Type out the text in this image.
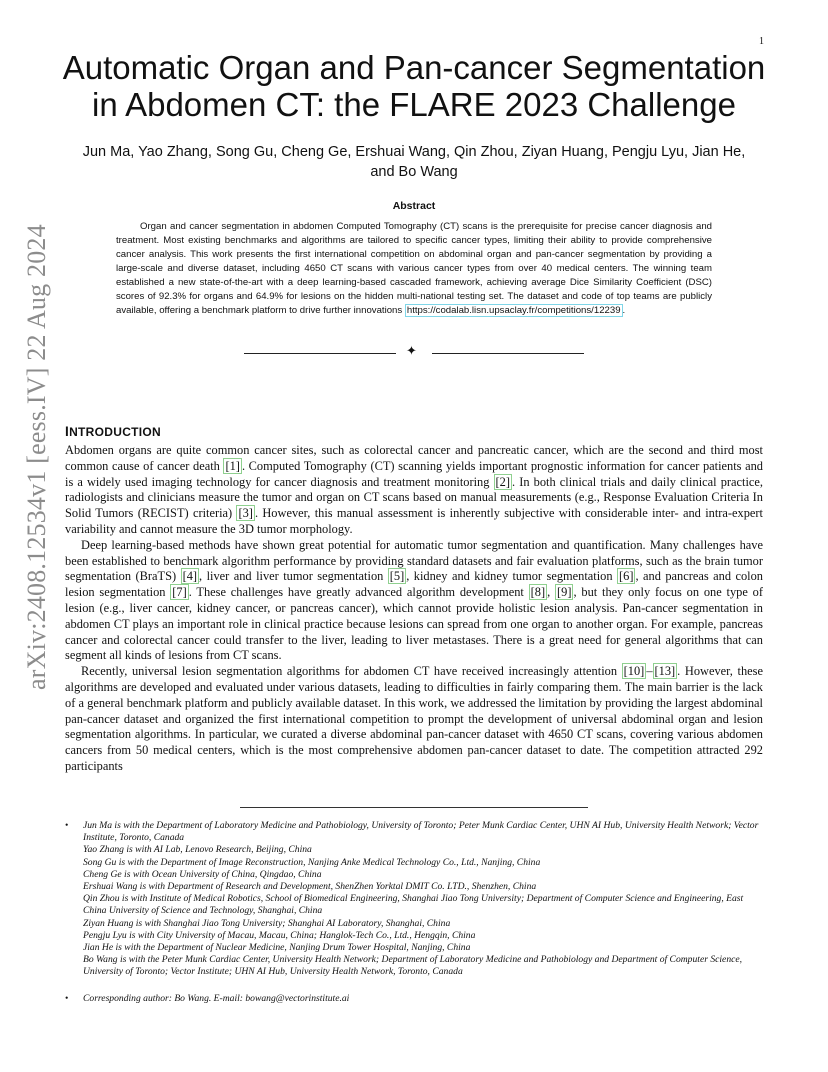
1
Automatic Organ and Pan-cancer Segmentation
in Abdomen CT: the FLARE 2023 Challenge
Jun Ma, Yao Zhang, Song Gu, Cheng Ge, Ershuai Wang, Qin Zhou, Ziyan Huang, Pengju Lyu, Jian He,
and Bo Wang
Abstract
Organ and cancer segmentation in abdomen Computed Tomography (CT) scans is the prerequisite for precise cancer diagnosis and treatment. Most existing benchmarks and algorithms are tailored to specific cancer types, limiting their ability to provide comprehensive cancer analysis. This work presents the first international competition on abdominal organ and pan-cancer segmentation by providing a large-scale and diverse dataset, including 4650 CT scans with various cancer types from over 40 medical centers. The winning team established a new state-of-the-art with a deep learning-based cascaded framework, achieving average Dice Similarity Coefficient (DSC) scores of 92.3% for organs and 64.9% for lesions on the hidden multi-national testing set. The dataset and code of top teams are publicly available, offering a benchmark platform to drive further innovations https://codalab.lisn.upsaclay.fr/competitions/12239 .
✦
arXiv:2408.12534v1 [eess.IV] 22 Aug 2024 INTRODUCTION

Abdomen organs are quite common cancer sites, such as colorectal cancer and pancreatic cancer, which are the second and third most common cause of cancer death [1] . Computed Tomography (CT) scanning yields important prognostic information for cancer patients and is a widely used imaging technology for cancer diagnosis and treatment monitoring [2] . In both clinical trials and daily clinical practice, radiologists and clinicians measure the tumor and organ on CT scans based on manual measurements (e.g., Response Evaluation Criteria In Solid Tumors (RECIST) criteria) [3] . However, this manual assessment is inherently subjective with considerable inter- and intra-expert variability and cannot measure the 3D tumor morphology.

Deep learning-based methods have shown great potential for automatic tumor segmentation and quantification. Many challenges have been established to benchmark algorithm performance by providing standard datasets and fair evaluation platforms, such as the brain tumor segmentation (BraTS) [4] , liver and liver tumor segmentation [5] , kidney and kidney tumor segmentation [6] , and pancreas and colon lesion segmentation [7] . These challenges have greatly advanced algorithm development [8] , [9] , but they only focus on one type of lesion (e.g., liver cancer, kidney cancer, or pancreas cancer), which cannot provide holistic lesion analysis. Pan-cancer segmentation in abdomen CT plays an important role in clinical practice because lesions can spread from one organ to another organ. For example, pancreas cancer and colorectal cancer could transfer to the liver, leading to liver metastases. There is a great need for general algorithms that can segment all kinds of lesions from CT scans.

Recently, universal lesion segmentation algorithms for abdomen CT have received increasingly attention [10] – [13] . However, these algorithms are developed and evaluated under various datasets, leading to difficulties in fairly comparing them. The main barrier is the lack of a general benchmark platform and publicly available dataset. In this work, we addressed the limitation by providing the largest abdominal pan-cancer dataset and organized the first international competition to prompt the development of universal abdominal organ and lesion segmentation algorithms. In particular, we curated a diverse abdominal pan-cancer dataset with 4650 CT scans, covering various abdomen cancers from 50 medical centers, which is the most comprehensive abdomen pan-cancer dataset to date. The competition attracted 292 participants

• Jun Ma is with the Department of Laboratory Medicine and Pathobiology, University of Toronto; Peter Munk Cardiac Center, UHN AI Hub, University Health Network; Vector Institute, Toronto, Canada
Yao Zhang is with AI Lab, Lenovo Research, Beijing, China
Song Gu is with the Department of Image Reconstruction, Nanjing Anke Medical Technology Co., Ltd., Nanjing, China
Cheng Ge is with Ocean University of China, Qingdao, China
Ershuai Wang is with Department of Research and Development, ShenZhen Yorktal DMIT Co. LTD., Shenzhen, China
Qin Zhou is with Institute of Medical Robotics, School of Biomedical Engineering, Shanghai Jiao Tong University; Department of Computer Science and Engineering, East China University of Science and Technology, Shanghai, China
Ziyan Huang is with Shanghai Jiao Tong University; Shanghai AI Laboratory, Shanghai, China
Pengju Lyu is with City University of Macau, Macau, China; Hanglok-Tech Co., Ltd., Hengqin, China
Jian He is with the Department of Nuclear Medicine, Nanjing Drum Tower Hospital, Nanjing, China
Bo Wang is with the Peter Munk Cardiac Center, University Health Network; Department of Laboratory Medicine and Pathobiology and Department of Computer Science, University of Toronto; Vector Institute; UHN AI Hub, University Health Network, Toronto, Canada
• Corresponding author: Bo Wang. E-mail: bowang@vectorinstitute.ai
